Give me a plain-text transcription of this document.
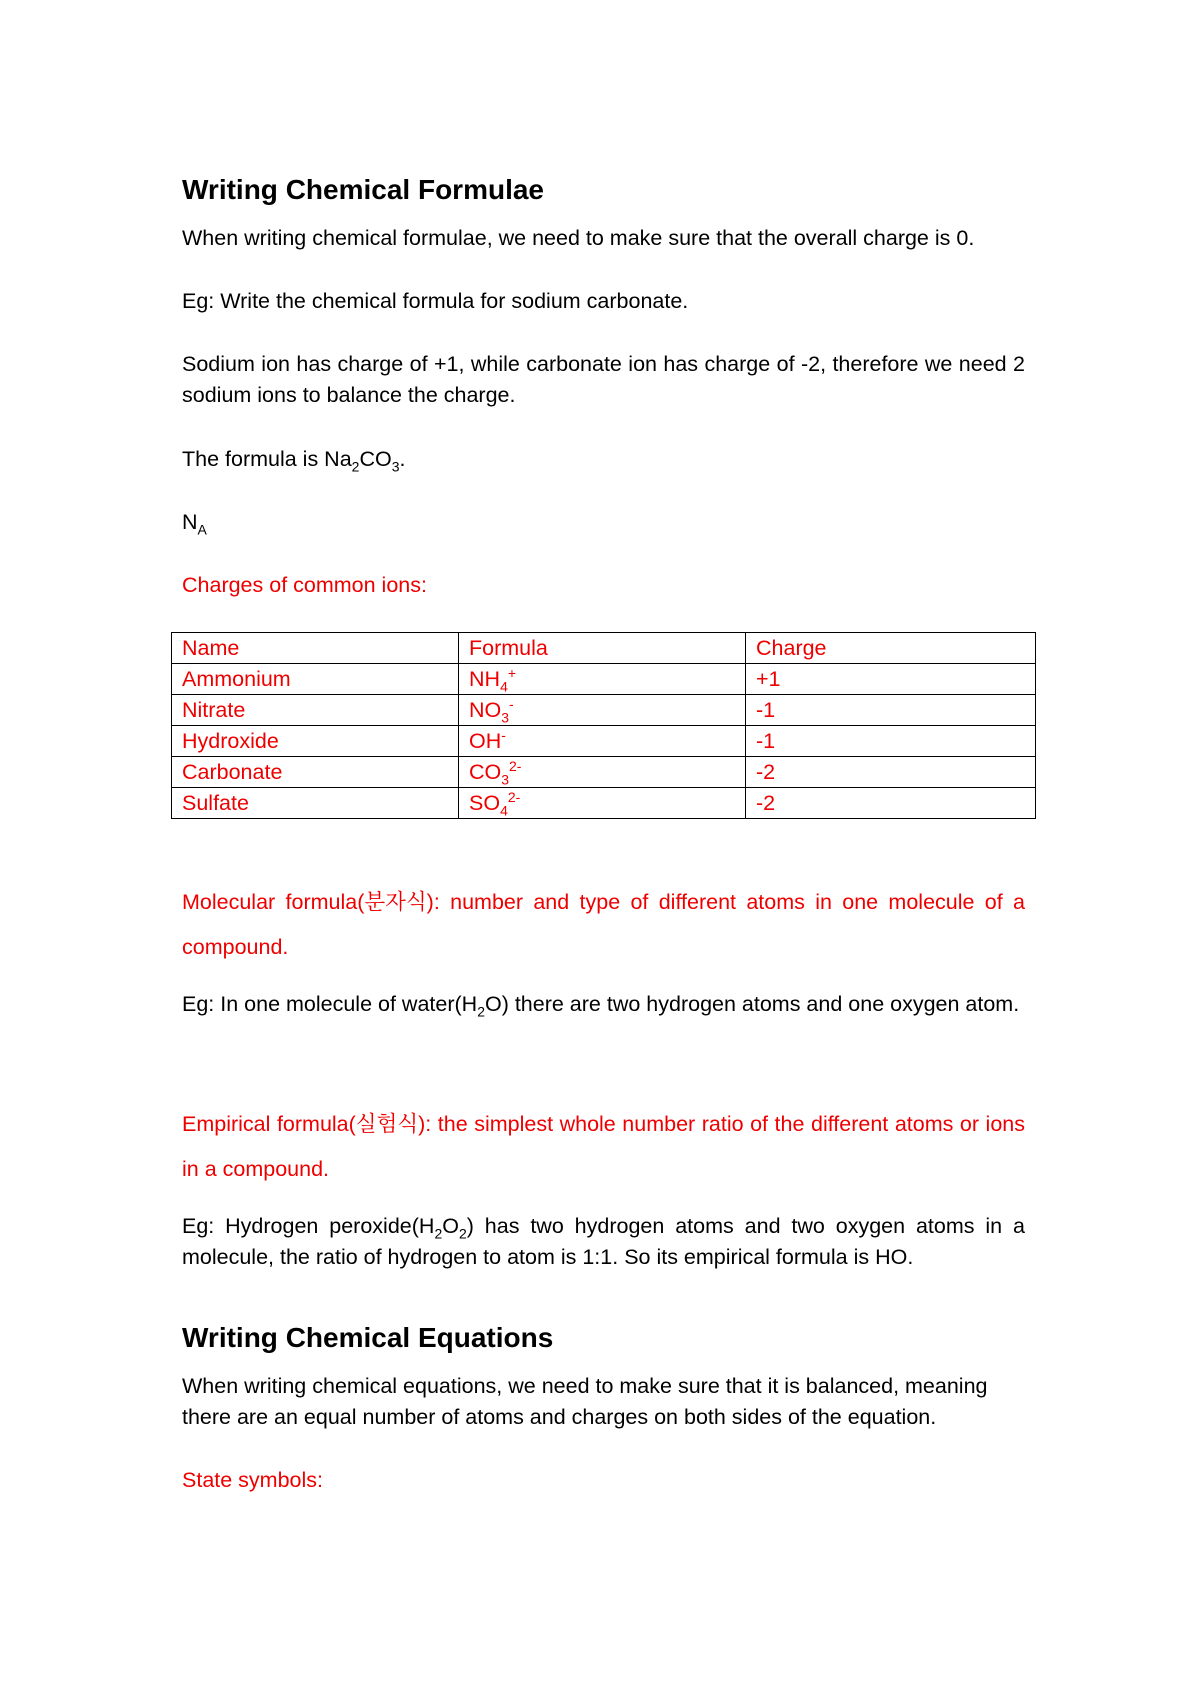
Writing Chemical Formulae

When writing chemical formulae, we need to make sure that the overall charge is 0.

Eg: Write the chemical formula for sodium carbonate.

Sodium ion has charge of +1, while carbonate ion has charge of -2, therefore we need 2 sodium ions to balance the charge.

The formula is $Na_2CO_3$.

$N_A$

Charges of common ions:

Name	Formula	Charge
Ammonium	$NH_4^+$	+1
Nitrate	$NO_3^-$	-1
Hydroxide	OH-	-1
Carbonate	$CO_3^{2-}$	-2
Sulfate	$SO_4^{2-}$	-2

Molecular formula(분자식): number and type of different atoms in one molecule of a compound.

Eg: In one molecule of $water(H_2O)$ there are two hydrogen atoms and one oxygen atom.

Empirical formula(실험식): the simplest whole number ratio of the different atoms or ions in a compound.

Eg: Hydrogen $peroxide(H_2O_2)$ has two hydrogen atoms and two oxygen atoms in a molecule, the ratio of hydrogen to atom is 1:1. So its empirical formula is HO.

Writing Chemical Equations

When writing chemical equations, we need to make sure that it is balanced, meaning there are an equal number of atoms and charges on both sides of the equation.

State symbols:
